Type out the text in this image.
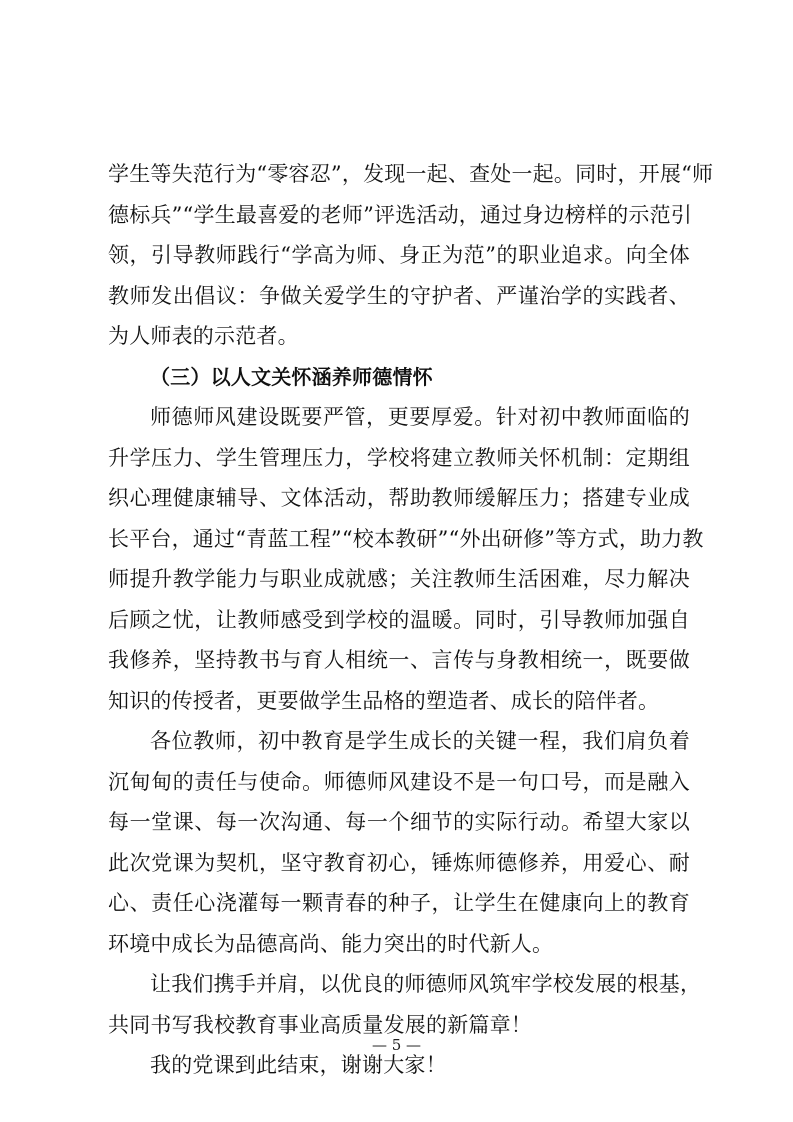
学生等失范行为“零容忍”，发现一起、查处一起。同时，开展“师
德标兵”“学生最喜爱的老师”评选活动，通过身边榜样的示范引
领，引导教师践行“学高为师、身正为范”的职业追求。向全体
教师发出倡议：争做关爱学生的守护者、严谨治学的实践者、
为人师表的示范者。
（三）以人文关怀涵养师德情怀
师德师风建设既要严管，更要厚爱。针对初中教师面临的
升学压力、学生管理压力，学校将建立教师关怀机制：定期组
织心理健康辅导、文体活动，帮助教师缓解压力；搭建专业成
长平台，通过“青蓝工程”“校本教研”“外出研修”等方式，助力教
师提升教学能力与职业成就感；关注教师生活困难，尽力解决
后顾之忧，让教师感受到学校的温暖。同时，引导教师加强自
我修养，坚持教书与育人相统一、言传与身教相统一，既要做
知识的传授者，更要做学生品格的塑造者、成长的陪伴者。
各位教师，初中教育是学生成长的关键一程，我们肩负着
沉甸甸的责任与使命。师德师风建设不是一句口号，而是融入
每一堂课、每一次沟通、每一个细节的实际行动。希望大家以
此次党课为契机，坚守教育初心，锤炼师德修养，用爱心、耐
心、责任心浇灌每一颗青春的种子，让学生在健康向上的教育
环境中成长为品德高尚、能力突出的时代新人。
让我们携手并肩，以优良的师德师风筑牢学校发展的根基，
共同书写我校教育事业高质量发展的新篇章！
我的党课到此结束，谢谢大家！
— 5 —
